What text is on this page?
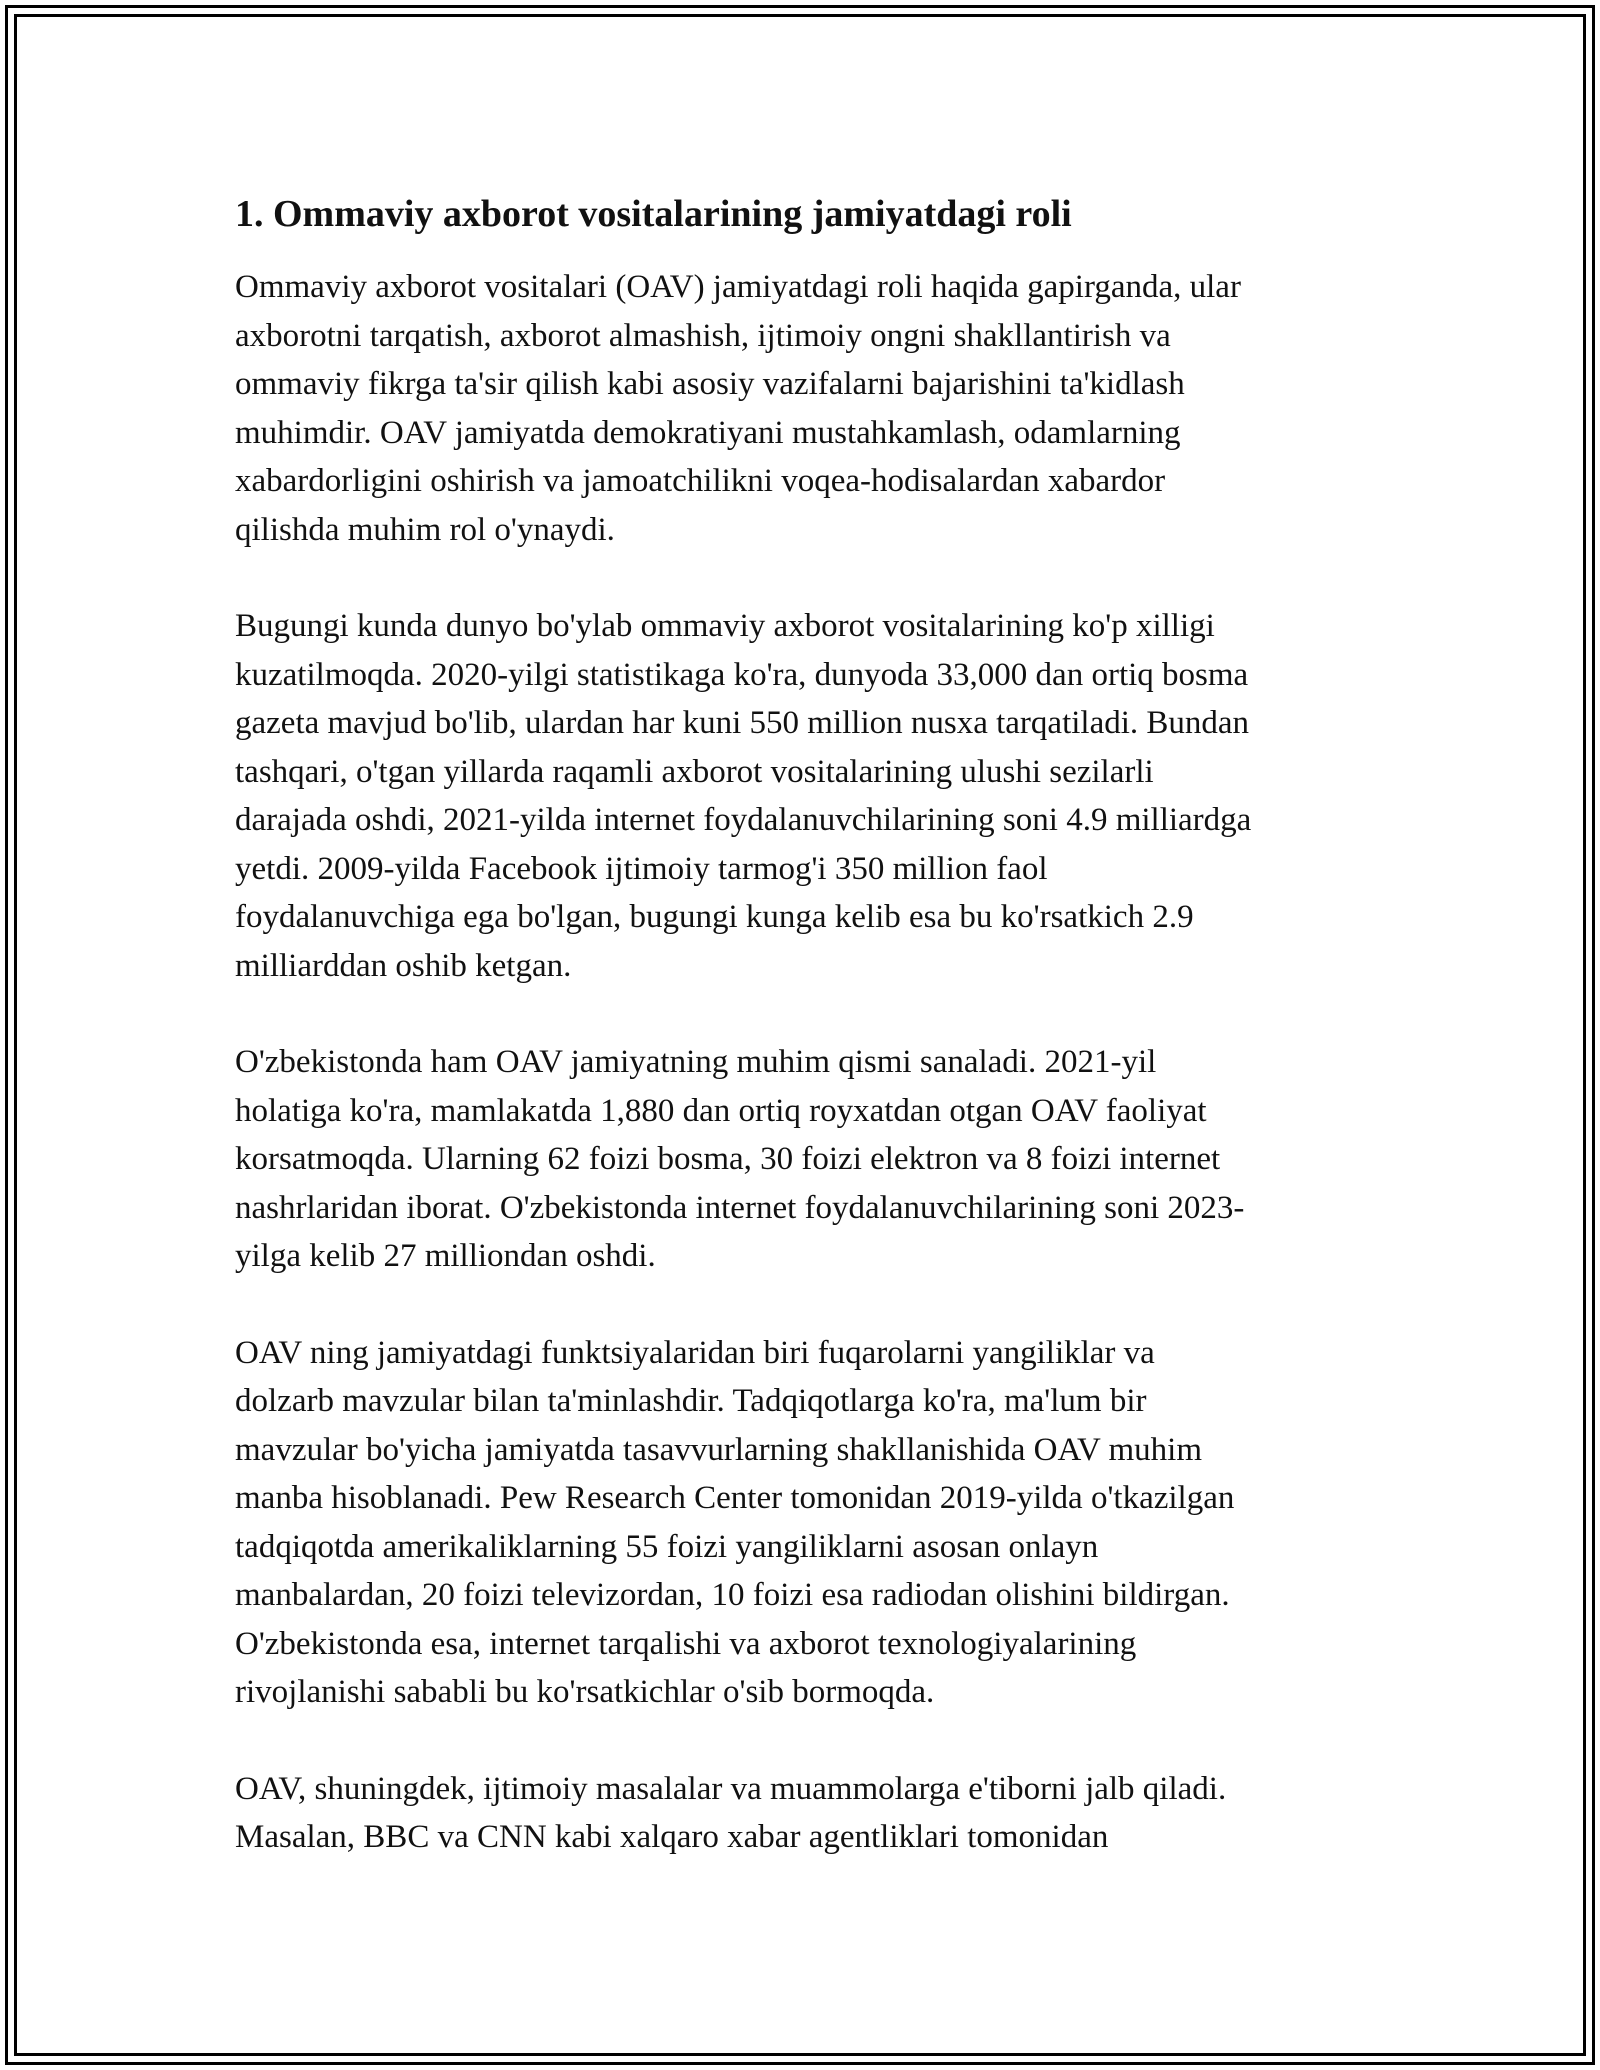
1. Ommaviy axborot vositalarining jamiyatdagi roli

Ommaviy axborot vositalari (OAV) jamiyatdagi roli haqida gapirganda, ular
axborotni tarqatish, axborot almashish, ijtimoiy ongni shakllantirish va
ommaviy fikrga ta'sir qilish kabi asosiy vazifalarni bajarishini ta'kidlash
muhimdir. OAV jamiyatda demokratiyani mustahkamlash, odamlarning
xabardorligini oshirish va jamoatchilikni voqea-hodisalardan xabardor
qilishda muhim rol o'ynaydi.

Bugungi kunda dunyo bo'ylab ommaviy axborot vositalarining ko'p xilligi
kuzatilmoqda. 2020-yilgi statistikaga ko'ra, dunyoda 33,000 dan ortiq bosma
gazeta mavjud bo'lib, ulardan har kuni 550 million nusxa tarqatiladi. Bundan
tashqari, o'tgan yillarda raqamli axborot vositalarining ulushi sezilarli
darajada oshdi, 2021-yilda internet foydalanuvchilarining soni 4.9 milliardga
yetdi. 2009-yilda Facebook ijtimoiy tarmog'i 350 million faol
foydalanuvchiga ega bo'lgan, bugungi kunga kelib esa bu ko'rsatkich 2.9
milliarddan oshib ketgan.

O'zbekistonda ham OAV jamiyatning muhim qismi sanaladi. 2021-yil
holatiga ko'ra, mamlakatda 1,880 dan ortiq royxatdan otgan OAV faoliyat
korsatmoqda. Ularning 62 foizi bosma, 30 foizi elektron va 8 foizi internet
nashrlaridan iborat. O'zbekistonda internet foydalanuvchilarining soni 2023-
yilga kelib 27 milliondan oshdi.

OAV ning jamiyatdagi funktsiyalaridan biri fuqarolarni yangiliklar va
dolzarb mavzular bilan ta'minlashdir. Tadqiqotlarga ko'ra, ma'lum bir
mavzular bo'yicha jamiyatda tasavvurlarning shakllanishida OAV muhim
manba hisoblanadi. Pew Research Center tomonidan 2019-yilda o'tkazilgan
tadqiqotda amerikaliklarning 55 foizi yangiliklarni asosan onlayn
manbalardan, 20 foizi televizordan, 10 foizi esa radiodan olishini bildirgan.
O'zbekistonda esa, internet tarqalishi va axborot texnologiyalarining
rivojlanishi sababli bu ko'rsatkichlar o'sib bormoqda.

OAV, shuningdek, ijtimoiy masalalar va muammolarga e'tiborni jalb qiladi.
Masalan, BBC va CNN kabi xalqaro xabar agentliklari tomonidan
